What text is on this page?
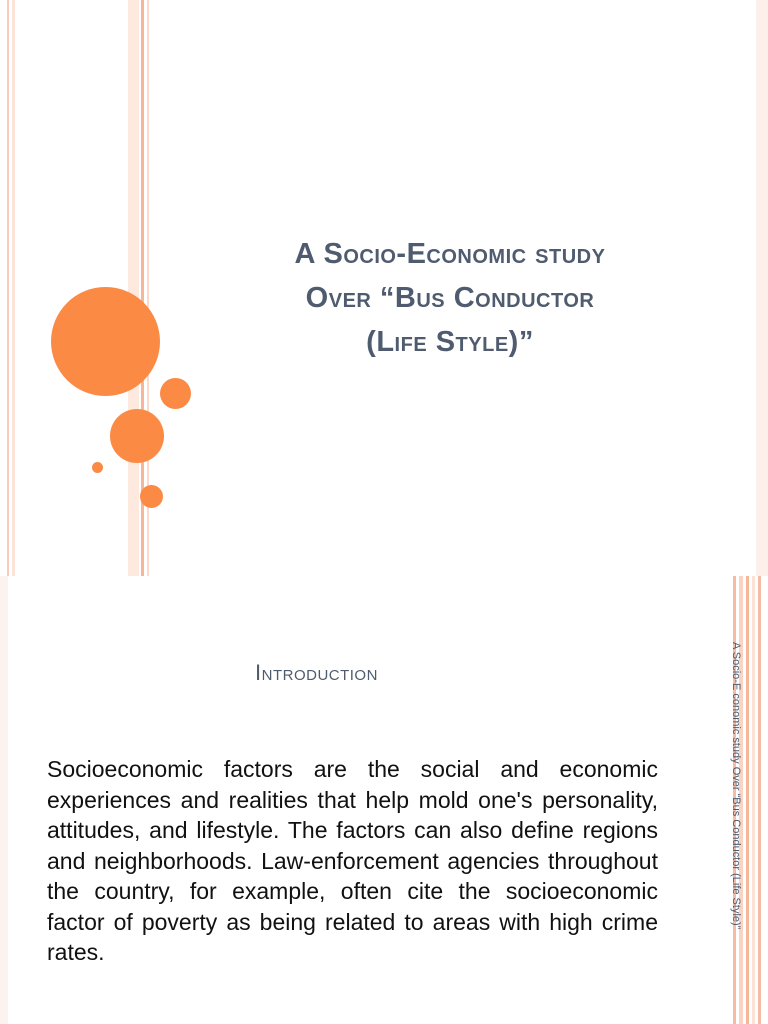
A Socio-Economic study
Over “Bus Conductor
(Life Style)”
Introduction

Socioeconomic factors are the social and economic experiences and realities that help mold one's personality, attitudes, and lifestyle. The factors can also define regions and neighborhoods. Law-enforcement agencies throughout the country, for example, often cite the socioeconomic factor of poverty as being related to areas with high crime rates.

A Socio-E conomic study Over “Bus Conductor (Life Style)”
